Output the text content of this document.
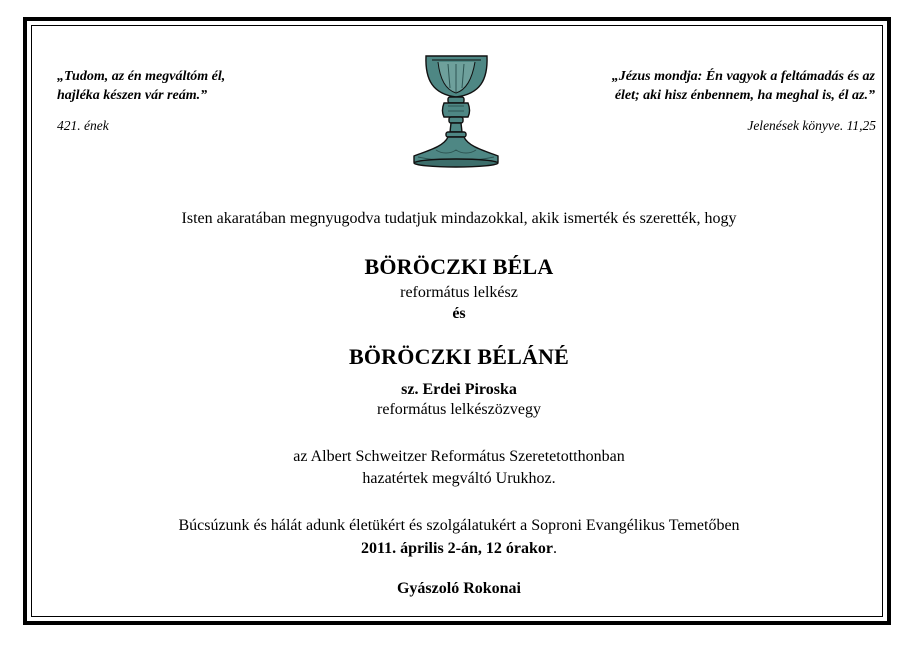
„Tudom, az én megváltóm él,
hajléka készen vár reám.”
421. ének
„Jézus mondja: Én vagyok a feltámadás és az
élet; aki hisz énbennem, ha meghal is, él az.”
Jelenések könyve. 11,25
Isten akaratában megnyugodva tudatjuk mindazokkal, akik ismerték és szerették, hogy
BÖRÖCZKI BÉLA
református lelkész
és
BÖRÖCZKI BÉLÁNÉ
sz. Erdei Piroska
református lelkészözvegy
az Albert Schweitzer Református Szeretetotthonban
hazatértek megváltó Urukhoz.
Búcsúzunk és hálát adunk életükért és szolgálatukért a Soproni Evangélikus Temetőben
2011. április 2-án, 12 órakor.
Gyászoló Rokonai
